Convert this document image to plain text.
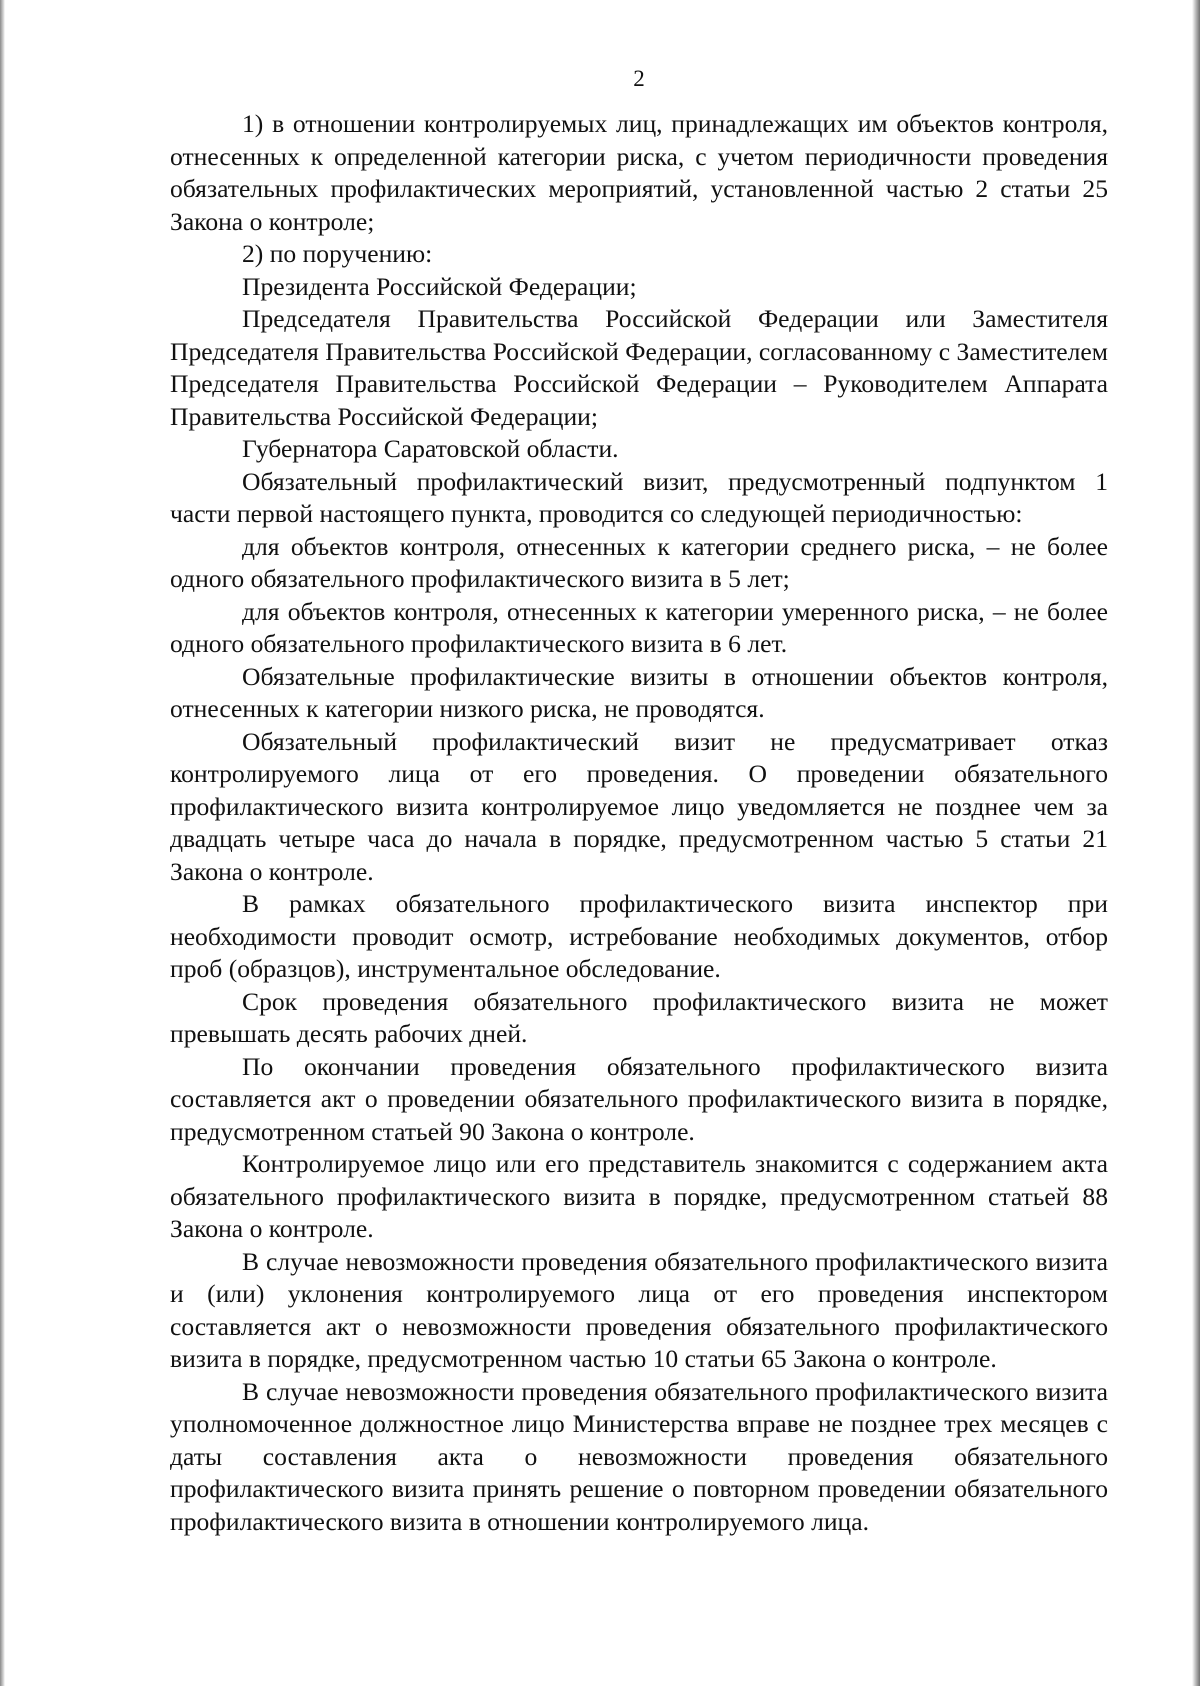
2

1) в отношении контролируемых лиц, принадлежащих им объектов контроля, отнесенных к определенной категории риска, с учетом периодичности проведения обязательных профилактических мероприятий, установленной частью 2 статьи 25 Закона о контроле;

2) по поручению:

Президента Российской Федерации;

Председателя Правительства Российской Федерации или Заместителя Председателя Правительства Российской Федерации, согласованному с Заместителем Председателя Правительства Российской Федерации – Руководителем Аппарата Правительства Российской Федерации;

Губернатора Саратовской области.

Обязательный профилактический визит, предусмотренный подпунктом 1 части первой настоящего пункта, проводится со следующей периодичностью:

для объектов контроля, отнесенных к категории среднего риска, – не более одного обязательного профилактического визита в 5 лет;

для объектов контроля, отнесенных к категории умеренного риска, – не более одного обязательного профилактического визита в 6 лет.

Обязательные профилактические визиты в отношении объектов контроля, отнесенных к категории низкого риска, не проводятся.

Обязательный профилактический визит не предусматривает отказ контролируемого лица от его проведения. О проведении обязательного профилактического визита контролируемое лицо уведомляется не позднее чем за двадцать четыре часа до начала в порядке, предусмотренном частью 5 статьи 21 Закона о контроле.

В рамках обязательного профилактического визита инспектор при необходимости проводит осмотр, истребование необходимых документов, отбор проб (образцов), инструментальное обследование.

Срок проведения обязательного профилактического визита не может превышать десять рабочих дней.

По окончании проведения обязательного профилактического визита составляется акт о проведении обязательного профилактического визита в порядке, предусмотренном статьей 90 Закона о контроле.

Контролируемое лицо или его представитель знакомится с содержанием акта обязательного профилактического визита в порядке, предусмотренном статьей 88 Закона о контроле.

В случае невозможности проведения обязательного профилактического визита и (или) уклонения контролируемого лица от его проведения инспектором составляется акт о невозможности проведения обязательного профилактического визита в порядке, предусмотренном частью 10 статьи 65 Закона о контроле.

В случае невозможности проведения обязательного профилактического визита уполномоченное должностное лицо Министерства вправе не позднее трех месяцев с даты составления акта о невозможности проведения обязательного профилактического визита принять решение о повторном проведении обязательного профилактического визита в отношении контролируемого лица.
